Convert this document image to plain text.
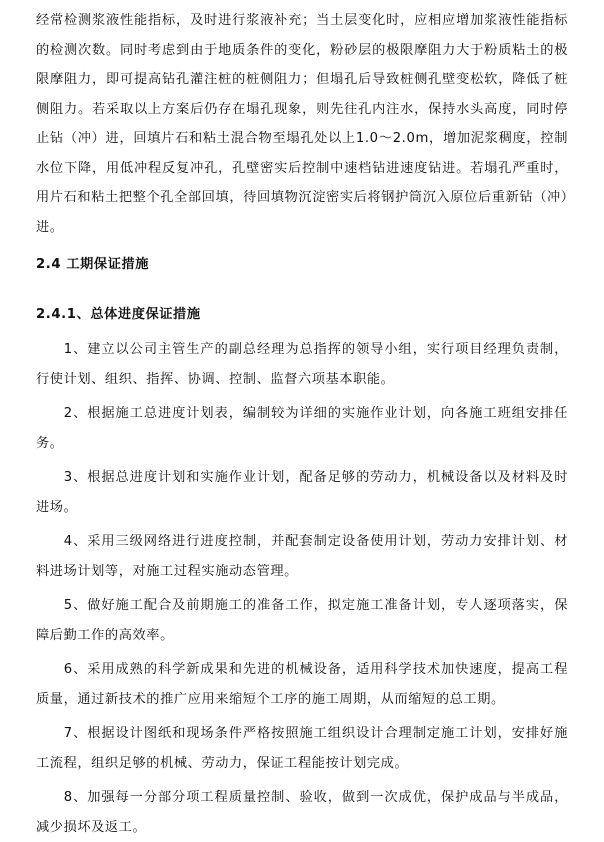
经常检测浆液性能指标，及时进行浆液补充；当土层变化时，应相应增加浆液性能指标的检测次数。同时考虑到由于地质条件的变化，粉砂层的极限摩阻力大于粉质粘土的极限摩阻力，即可提高钻孔灌注桩的桩侧阻力；但塌孔后导致桩侧孔壁变松软，降低了桩侧阻力。若采取以上方案后仍存在塌孔现象，则先往孔内注水，保持水头高度，同时停止钻（冲）进，回填片石和粘土混合物至塌孔处以上1.0～2.0m，增加泥浆稠度，控制水位下降，用低冲程反复冲孔，孔壁密实后控制中速档钻进速度钻进。若塌孔严重时，用片石和粘土把整个孔全部回填，待回填物沉淀密实后将钢护筒沉入原位后重新钻（冲）进。

2.4 工期保证措施
2.4.1、总体进度保证措施

1、建立以公司主管生产的副总经理为总指挥的领导小组，实行项目经理负责制，行使计划、组织、指挥、协调、控制、监督六项基本职能。

2、根据施工总进度计划表，编制较为详细的实施作业计划，向各施工班组安排任务。

3、根据总进度计划和实施作业计划，配备足够的劳动力，机械设备以及材料及时进场。

4、采用三级网络进行进度控制，并配套制定设备使用计划，劳动力安排计划、材料进场计划等，对施工过程实施动态管理。

5、做好施工配合及前期施工的准备工作，拟定施工准备计划，专人逐项落实，保障后勤工作的高效率。

6、采用成熟的科学新成果和先进的机械设备，适用科学技术加快速度，提高工程质量，通过新技术的推广应用来缩短个工序的施工周期，从而缩短的总工期。

7、根据设计图纸和现场条件严格按照施工组织设计合理制定施工计划，安排好施工流程，组织足够的机械、劳动力，保证工程能按计划完成。

8、加强每一分部分项工程质量控制、验收，做到一次成优，保护成品与半成品，减少损坏及返工。
